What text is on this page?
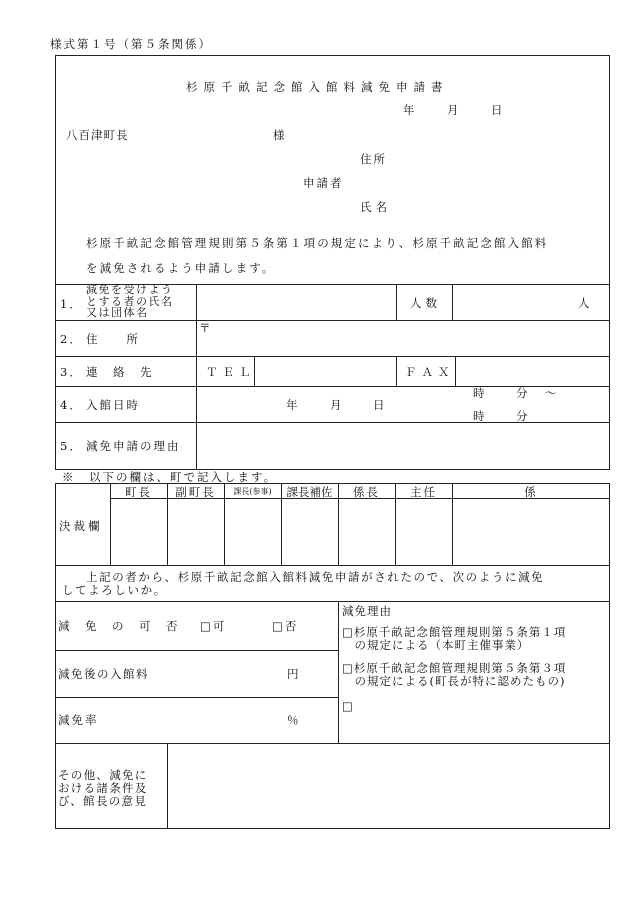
様式第１号（第５条関係）
杉原千畝記念館入館料減免申請書
年	月	日
八百津町長	様
住所
申請者
氏名
杉原千畝記念館管理規則第５条第１項の規定により、杉原千畝記念館入館料
を減免されるよう申請します。
1．
減免を受けよう
とする者の氏名
又は団体名
人数	人
2． 住　　所
〒
3． 連　絡　先	ＴＥＬ	ＦＡＸ
4． 入館日時	年	月	日
時	分 ～
時	分
5． 減免申請の理由
※　以下の欄は、町で記入します。
決裁欄
町長	副町長	課長(参事)	課長補佐	係長	主任	係
上記の者から、杉原千畝記念館入館料減免申請がされたので、次のように減免
してよろしいか。
減　免　の　可　否 □可	□否
減免後の入館料	円
減免率	％
減免理由
□杉原千畝記念館管理規則第５条第１項
　の規定による（本町主催事業）
□杉原千畝記念館管理規則第５条第３項
　の規定による(町長が特に認めたもの)
□
その他、減免に
おける諸条件及
び、館長の意見
